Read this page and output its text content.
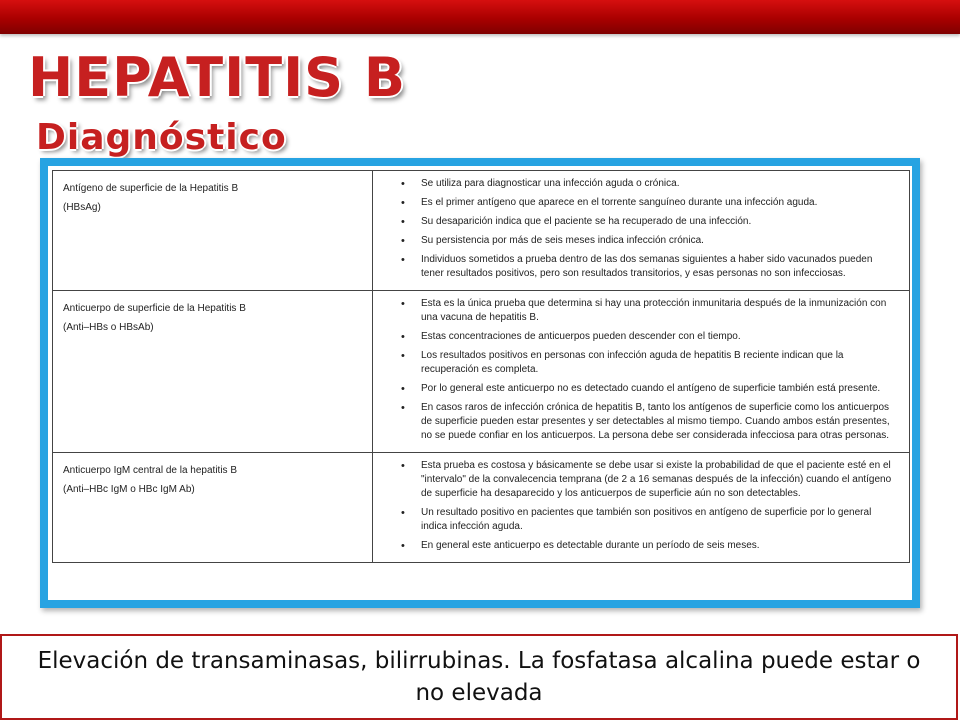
HEPATITIS B
Diagnóstico
Antígeno de superficie de la Hepatitis B
(HBsAg)
• Se utiliza para diagnosticar una infección aguda o crónica.
• Es el primer antígeno que aparece en el torrente sanguíneo durante una infección aguda.
• Su desaparición indica que el paciente se ha recuperado de una infección.
• Su persistencia por más de seis meses indica infección crónica.
• Individuos sometidos a prueba dentro de las dos semanas siguientes a haber sido vacunados pueden tener resultados positivos, pero son resultados transitorios, y esas personas no son infecciosas.
Anticuerpo de superficie de la Hepatitis B
(Anti–HBs o HBsAb)
• Esta es la única prueba que determina si hay una protección inmunitaria después de la inmunización con una vacuna de hepatitis B.
• Estas concentraciones de anticuerpos pueden descender con el tiempo.
• Los resultados positivos en personas con infección aguda de hepatitis B reciente indican que la recuperación es completa.
• Por lo general este anticuerpo no es detectado cuando el antígeno de superficie también está presente.
• En casos raros de infección crónica de hepatitis B, tanto los antígenos de superficie como los anticuerpos de superficie pueden estar presentes y ser detectables al mismo tiempo. Cuando ambos están presentes, no se puede confiar en los anticuerpos. La persona debe ser considerada infecciosa para otras personas.
Anticuerpo IgM central de la hepatitis B
(Anti–HBc IgM o HBc IgM Ab)
• Esta prueba es costosa y básicamente se debe usar si existe la probabilidad de que el paciente esté en el "intervalo" de la convalecencia temprana (de 2 a 16 semanas después de la infección) cuando el antígeno de superficie ha desaparecido y los anticuerpos de superficie aún no son detectables.
• Un resultado positivo en pacientes que también son positivos en antígeno de superficie por lo general indica infección aguda.
• En general este anticuerpo es detectable durante un período de seis meses.
Elevación de transaminasas, bilirrubinas. La fosfatasa alcalina puede estar o no elevada
